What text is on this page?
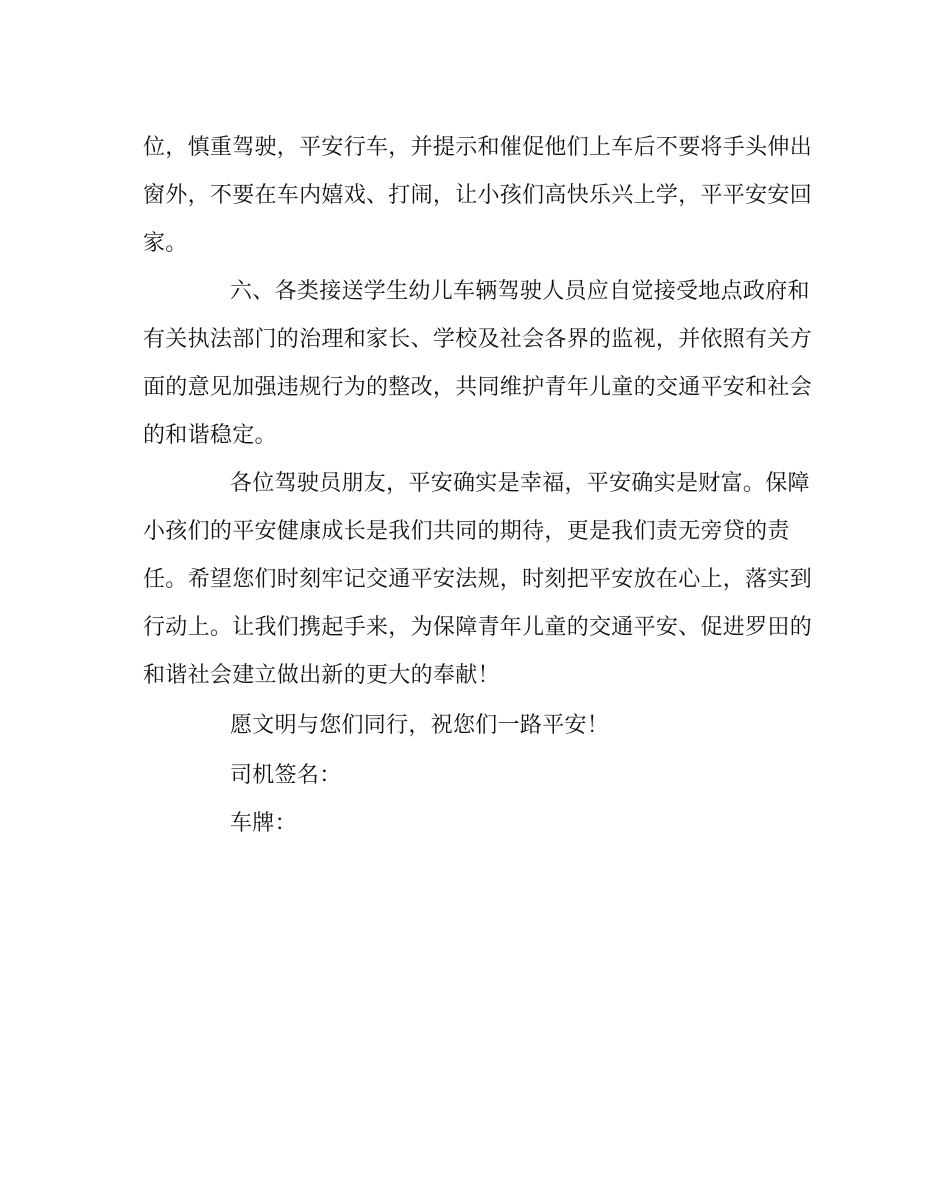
位，慎重驾驶，平安行车，并提示和催促他们上车后不要将手头伸出
窗外，不要在车内嬉戏、打闹，让小孩们高快乐兴上学，平平安安回
家。
六、各类接送学生幼儿车辆驾驶人员应自觉接受地点政府和
有关执法部门的治理和家长、学校及社会各界的监视，并依照有关方
面的意见加强违规行为的整改，共同维护青年儿童的交通平安和社会
的和谐稳定。
各位驾驶员朋友，平安确实是幸福，平安确实是财富。保障
小孩们的平安健康成长是我们共同的期待，更是我们责无旁贷的责
任。希望您们时刻牢记交通平安法规，时刻把平安放在心上，落实到
行动上。让我们携起手来，为保障青年儿童的交通平安、促进罗田的
和谐社会建立做出新的更大的奉献！
愿文明与您们同行，祝您们一路平安！
司机签名：
车牌：
